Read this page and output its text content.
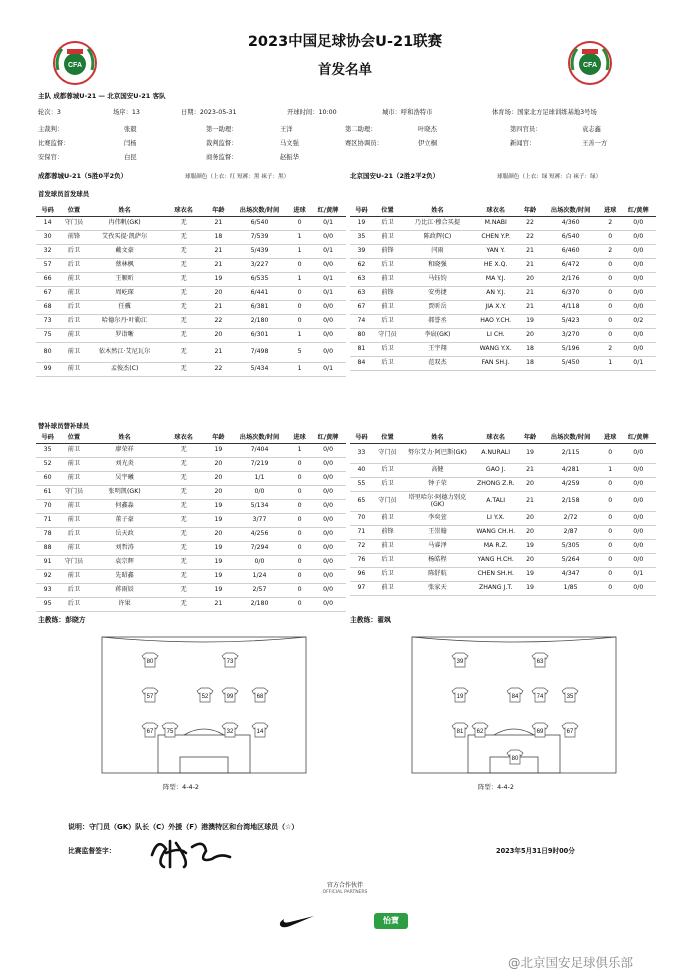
2023中国足球协会U-21联赛
首发名单
CFA	CFA
主队 成都蓉城U-21 — 北京国安U-21 客队
轮次：3	场序：13	日期：2023-05-31	开球时间：10:00	城市：呼和浩特市	体育场：国家北方足球训练基地3号场
主裁判：	张毅	第一助理：	王洋	第二助理：	叶晓杰	第四官员：	袁志鑫
比赛监督：	闫杨	裁判监督：	马文强	赛区协调员：	伊立桐	新闻官：	王善一方
安保官：	白昆	商务监督：	赵振华
成都蓉城U-21（5胜0平2负）	球服颜色（上衣：红 短裤：黑 袜子：黑）	北京国安U-21（2胜2平2负）	球服颜色（上衣：绿 短裤：白 袜子：绿）
首发球员首发球员
号码	位置	姓名	球衣名	年龄	出场次数/时间	进球	红/黄牌
14	守门员	冉伟帆(GK)	无	21	6/540	0	0/1
30	前锋	艾孜买提·凯萨尔	无	18	7/539	1	0/0
32	后卫	戴文豪	无	21	5/439	1	0/1
57	后卫	蔡林枫	无	21	3/227	0	0/0
66	前卫	王顺昕	无	19	6/535	1	0/1
67	前卫	周屹琛	无	20	6/441	0	0/1
68	后卫	任骥	无	21	6/381	0	0/0
73	后卫	哈德尔丹·叶勒江	无	22	2/180	0	0/0
75	前卫	罗诣晰	无	20	6/301	1	0/0
80	前卫	依木然江·艾尼瓦尔	无	21	7/498	5	0/0
99	前卫	孟俊杰(C)	无	22	5/434	1	0/1
号码	位置	姓名	球衣名	年龄	出场次数/时间	进球	红/黄牌
19	后卫	乃比江·穆合买提	M.NABI	22	4/360	2	0/0
35	前卫	陈政辉(C)	CHEN Y.P.	22	6/540	0	0/0
39	前锋	闫雨	YAN Y.	21	6/460	2	0/0
62	后卫	和晓强	HE X.Q.	21	6/472	0	0/0
63	前卫	马钰钧	MA Y.J.	20	2/176	0	0/0
63	前锋	安勇捷	AN Y.J.	21	6/370	0	0/0
67	前卫	贾昕岳	JIA X.Y.	21	4/118	0	0/0
74	后卫	郝誉丞	HAO Y.CH.	19	5/423	0	0/2
80	守门员	李宸(GK)	LI CH.	20	3/270	0	0/0
81	后卫	王宇翔	WANG Y.X.	18	5/196	2	0/0
84	后卫	范双杰	FAN SH.J.	18	5/450	1	0/1
替补球员替补球员
号码	位置	姓名	球衣名	年龄	出场次数/时间	进球	红/黄牌
35	前卫	廖荣祥	无	19	7/404	1	0/0
52	前卫	刘光炎	无	20	7/219	0	0/0
60	前卫	吴宇曦	无	20	1/1	0	0/0
61	守门员	张明凯(GK)	无	20	0/0	0	0/0
70	前卫	何鑫淼	无	19	5/134	0	0/0
71	前卫	董子豪	无	19	3/77	0	0/0
78	后卫	岳天政	无	20	4/256	0	0/0
88	前卫	刘哲涛	无	19	7/294	0	0/0
91	守门员	袁宗辉	无	19	0/0	0	0/0
92	前卫	先昭鑫	无	19	1/24	0	0/0
93	后卫	蒋雨辰	无	19	2/57	0	0/0
95	后卫	许果	无	21	2/180	0	0/0
号码	位置	姓名	球衣名	年龄	出场次数/时间	进球	红/黄牌
33	守门员	努尔艾力·阿巴斯(GK)	A.NURALI	19	2/115	0	0/0
40	后卫	高健	GAO J.	21	4/281	1	0/0
55	后卫	钟子荣	ZHONG Z.R.	20	4/259	0	0/0
65	守门员	塔里哈尔·阿德力别克(GK)	A.TALI	21	2/158	0	0/0
70	前卫	李奕萱	LI Y.X.	20	2/72	0	0/0
71	前锋	王崇翰	WANG CH.H.	20	2/87	0	0/0
72	前卫	马睿泽	MA R.Z.	19	5/305	0	0/0
76	后卫	杨皓程	YANG H.CH.	20	5/264	0	0/0
96	后卫	陈舒航	CHEN SH.H.	19	4/347	0	0/1
97	前卫	张家天	ZHANG J.T.	19	1/85	0	0/0
主教练：彭晓方	主教练：翟飒
80	73
57	52	99	68
67 75	32	14
39	63
19	84	74	35
81 62	69	67
80
阵型：4-4-2	阵型：4-4-2
说明：守门员（GK）队长（C）外援（F）港澳特区和台湾地区球员（☆）
比赛监督签字：	2023年5月31日9时00分
官方合作伙伴
OFFICIAL PARTNERS
怡寶
@北京国安足球俱乐部
